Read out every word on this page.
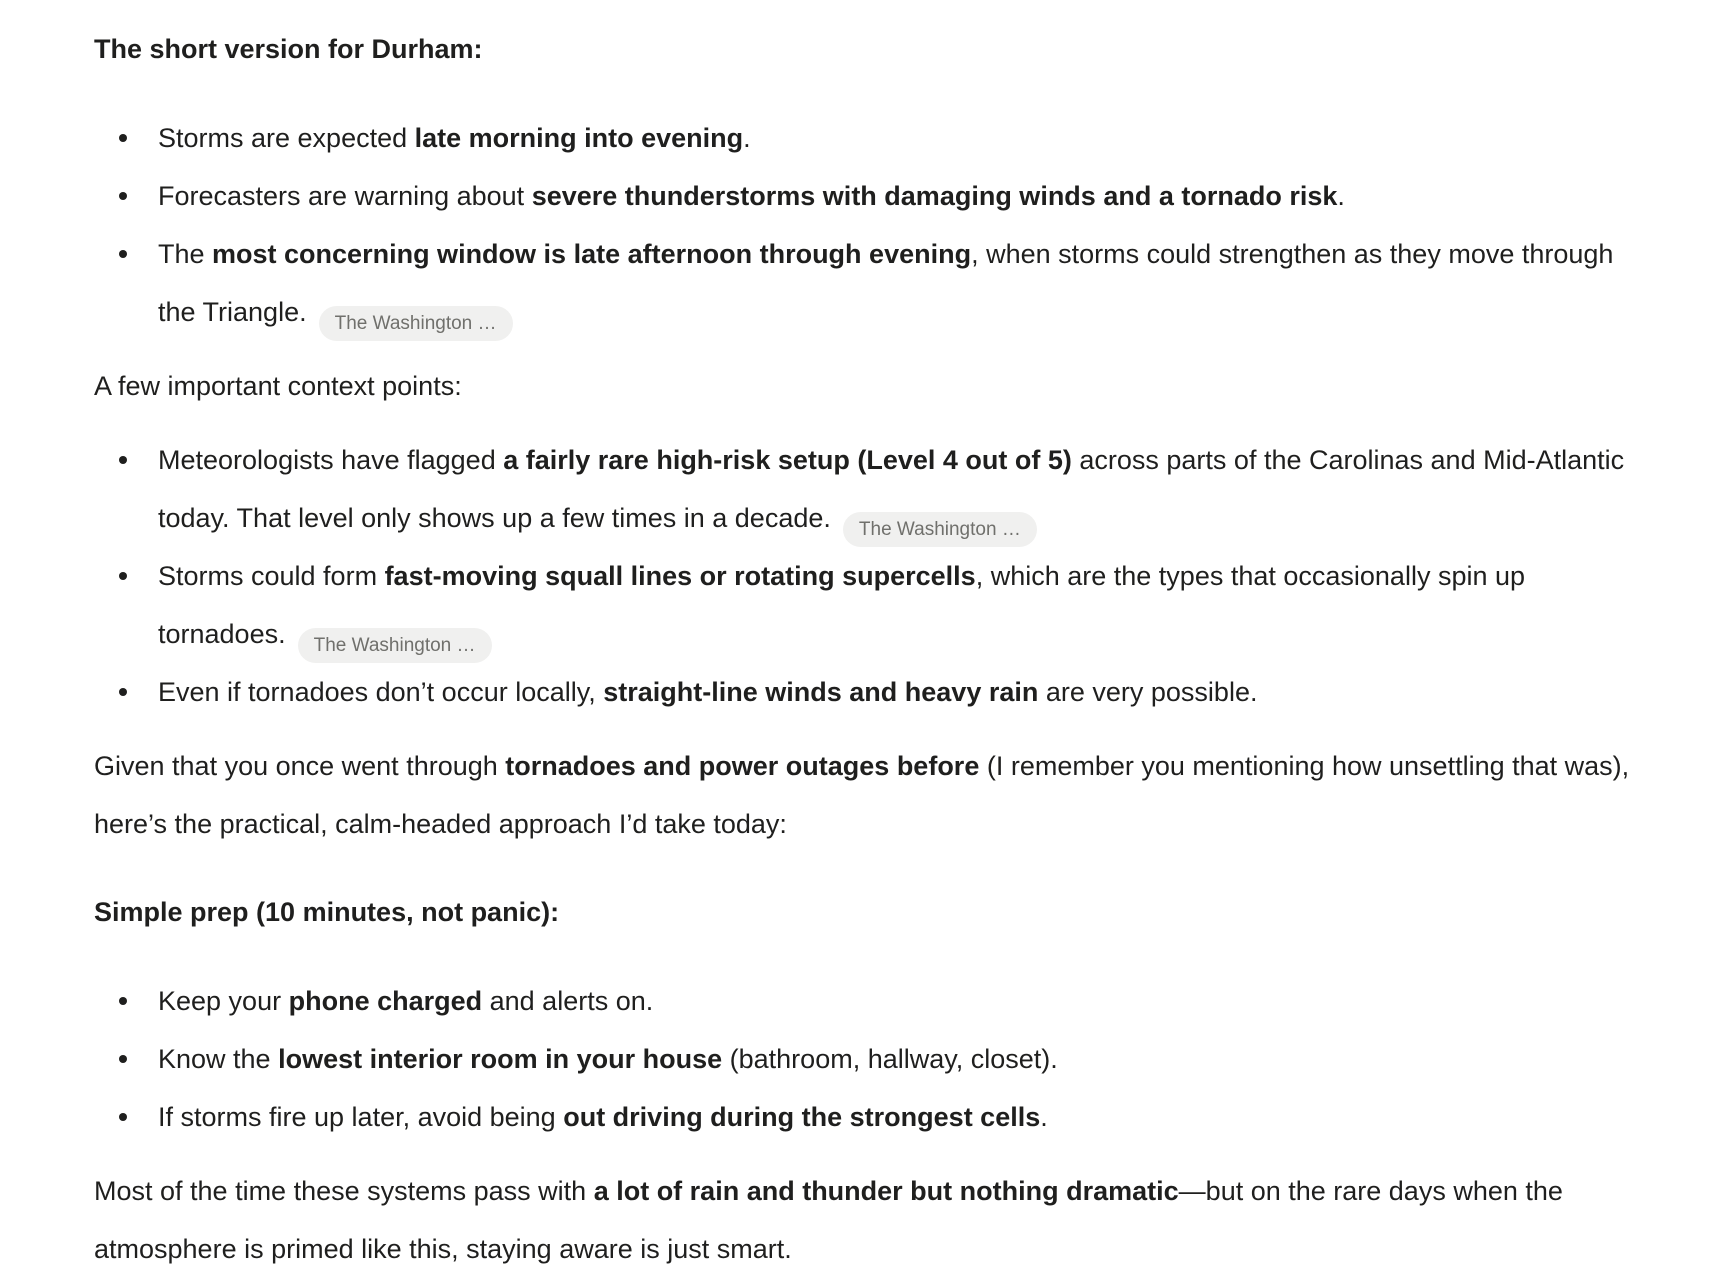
The short version for Durham:

Storms are expected late morning into evening.
Forecasters are warning about severe thunderstorms with damaging winds and a tornado risk.
The most concerning window is late afternoon through evening, when storms could strengthen as they move through the Triangle. The Washington …

A few important context points:

Meteorologists have flagged a fairly rare high-risk setup (Level 4 out of 5) across parts of the Carolinas and Mid-Atlantic today. That level only shows up a few times in a decade. The Washington …
Storms could form fast-moving squall lines or rotating supercells, which are the types that occasionally spin up tornadoes. The Washington …
Even if tornadoes don’t occur locally, straight-line winds and heavy rain are very possible.

Given that you once went through tornadoes and power outages before (I remember you mentioning how unsettling that was), here’s the practical, calm-headed approach I’d take today:

Simple prep (10 minutes, not panic):

Keep your phone charged and alerts on.
Know the lowest interior room in your house (bathroom, hallway, closet).
If storms fire up later, avoid being out driving during the strongest cells.

Most of the time these systems pass with a lot of rain and thunder but nothing dramatic—but on the rare days when the atmosphere is primed like this, staying aware is just smart.
